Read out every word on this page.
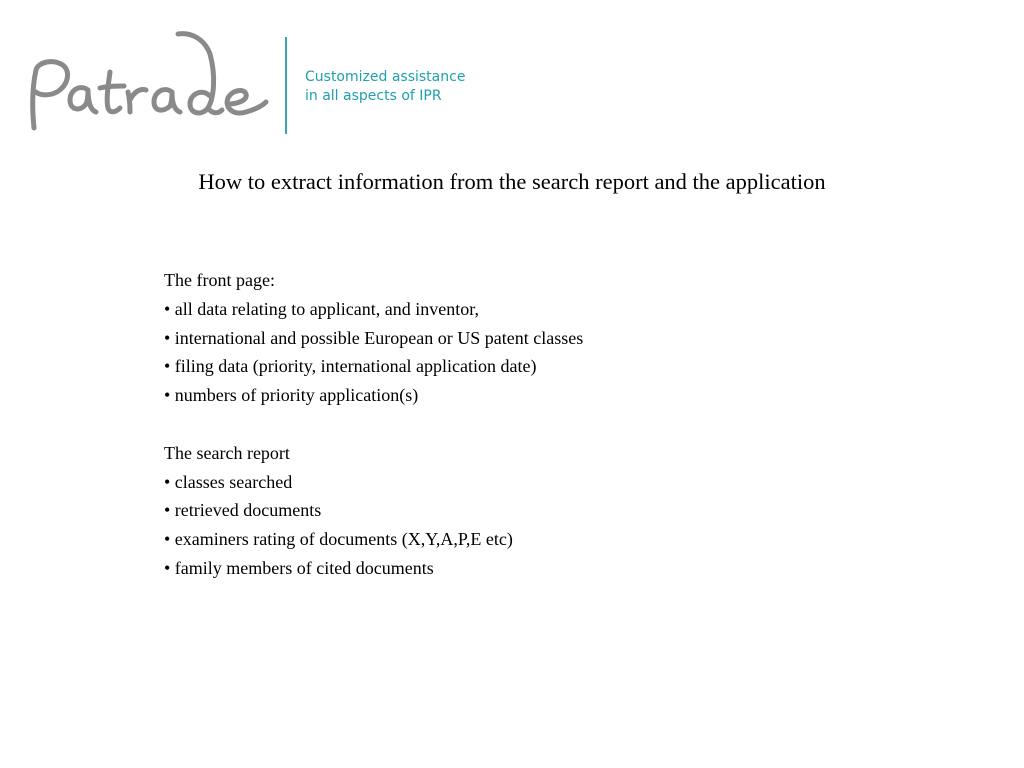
Customized assistance
in all aspects of IPR
How to extract information from the search report and the application
The front page:
• all data relating to applicant, and inventor,
• international and possible European or US patent classes
• filing data (priority, international application date)
• numbers of priority application(s)
The search report
• classes searched
• retrieved documents
• examiners rating of documents (X,Y,A,P,E etc)
• family members of cited documents
